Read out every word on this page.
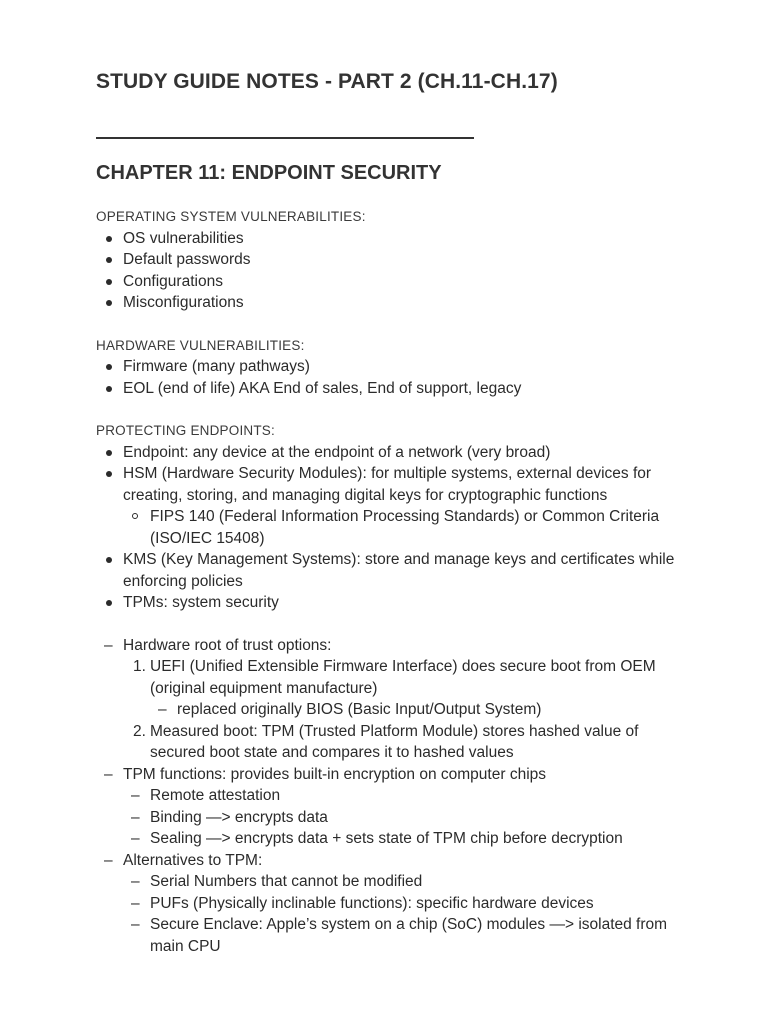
STUDY GUIDE NOTES - PART 2 (CH.11-CH.17)
CHAPTER 11: ENDPOINT SECURITY
OPERATING SYSTEM VULNERABILITIES:
OS vulnerabilities
Default passwords
Configurations
Misconfigurations
HARDWARE VULNERABILITIES:
Firmware (many pathways)
EOL (end of life) AKA End of sales, End of support, legacy
PROTECTING ENDPOINTS:
Endpoint: any device at the endpoint of a network (very broad)
HSM (Hardware Security Modules): for multiple systems, external devices for creating, storing, and managing digital keys for cryptographic functions
FIPS 140 (Federal Information Processing Standards) or Common Criteria (ISO/IEC 15408)
KMS (Key Management Systems): store and manage keys and certificates while enforcing policies
TPMs: system security
– Hardware root of trust options:
1. UEFI (Unified Extensible Firmware Interface) does secure boot from OEM (original equipment manufacture)
– replaced originally BIOS (Basic Input/Output System)
2. Measured boot: TPM (Trusted Platform Module) stores hashed value of secured boot state and compares it to hashed values
– TPM functions: provides built-in encryption on computer chips
– Remote attestation
– Binding —> encrypts data
– Sealing —> encrypts data + sets state of TPM chip before decryption
– Alternatives to TPM:
– Serial Numbers that cannot be modified
– PUFs (Physically inclinable functions): specific hardware devices
– Secure Enclave: Apple’s system on a chip (SoC) modules —> isolated from main CPU
